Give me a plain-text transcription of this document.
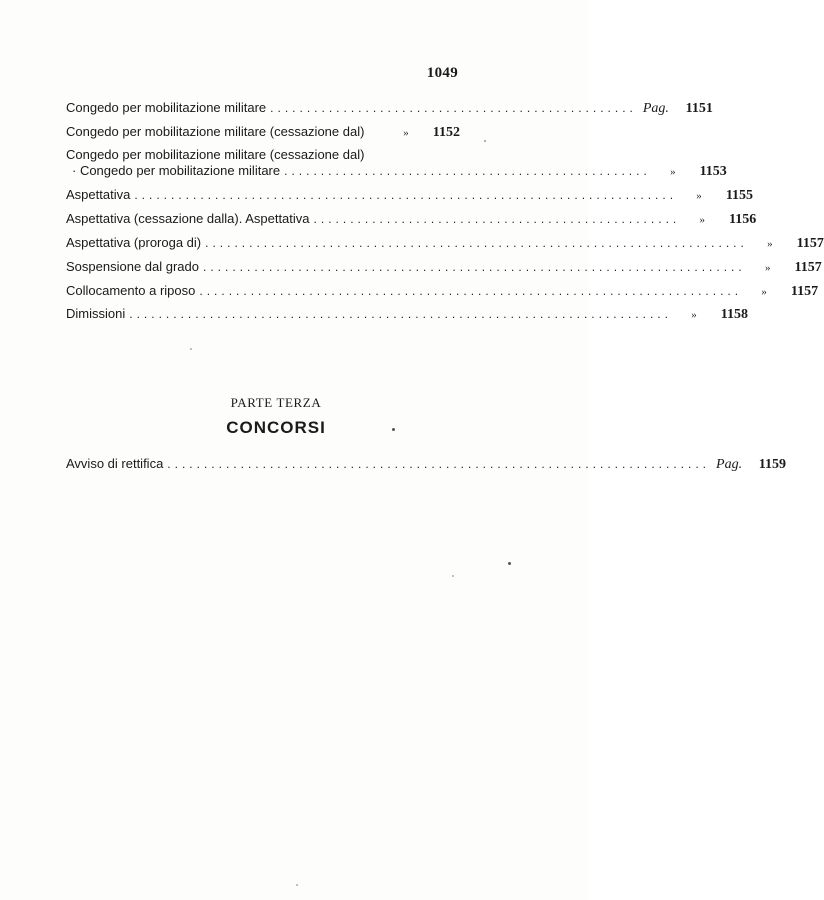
1049
Congedo per mobilitazione militare .................................................. Pag.	1151
Congedo per mobilitazione militare (cessazione dal)	»	1152
Congedo per mobilitazione militare (cessazione dal)
· Congedo per mobilitazione militare ..................................................	»	1153
Aspettativa ..........................................................................	»	1155
Aspettativa (cessazione dalla). Aspettativa ..................................................	»	1156
Aspettativa (proroga di) ..........................................................................	»	1157
Sospensione dal grado ..........................................................................	»	1157
Collocamento a riposo ..........................................................................	»	1157
Dimissioni ..........................................................................	»	1158
PARTE TERZA
CONCORSI
Avviso di rettifica .......................................................................... Pag.	1159
